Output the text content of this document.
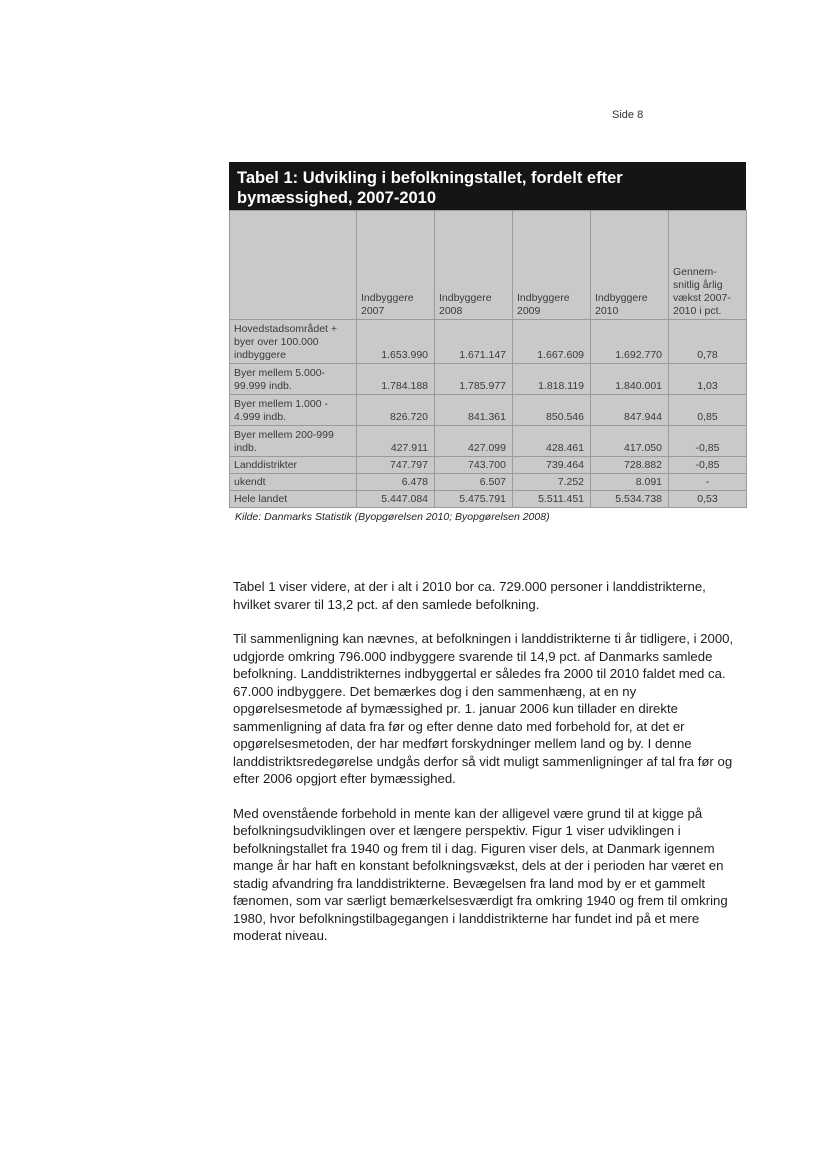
Side 8
Tabel 1: Udvikling i befolkningstallet, fordelt efter bymæssighed, 2007-2010
	Indbyggere 2007	Indbyggere 2008	Indbyggere 2009	Indbyggere 2010	Gennem-snitlig årlig vækst 2007-2010 i pct.
Hovedstadsområdet + byer over 100.000 indbyggere	1.653.990	1.671.147	1.667.609	1.692.770	0,78
Byer mellem 5.000-99.999 indb.	1.784.188	1.785.977	1.818.119	1.840.001	1,03
Byer mellem 1.000 - 4.999 indb.	826.720	841.361	850.546	847.944	0,85
Byer mellem 200-999 indb.	427.911	427.099	428.461	417.050	-0,85
Landdistrikter	747.797	743.700	739.464	728.882	-0,85
ukendt	6.478	6.507	7.252	8.091	-
Hele landet	5.447.084	5.475.791	5.511.451	5.534.738	0,53
Kilde: Danmarks Statistik (Byopgørelsen 2010; Byopgørelsen 2008)

Tabel 1 viser videre, at der i alt i 2010 bor ca. 729.000 personer i landdistrikterne, hvilket svarer til 13,2 pct. af den samlede befolkning.

Til sammenligning kan nævnes, at befolkningen i landdistrikterne ti år tidligere, i 2000, udgjorde omkring 796.000 indbyggere svarende til 14,9 pct. af Danmarks samlede befolkning. Landdistrikternes indbyggertal er således fra 2000 til 2010 faldet med ca. 67.000 indbyggere. Det bemærkes dog i den sammenhæng, at en ny opgørelsesmetode af bymæssighed pr. 1. januar 2006 kun tillader en direkte sammenligning af data fra før og efter denne dato med forbehold for, at det er opgørelsesmetoden, der har medført forskydninger mellem land og by. I denne landdistriktsredegørelse undgås derfor så vidt muligt sammenligninger af tal fra før og efter 2006 opgjort efter bymæssighed.

Med ovenstående forbehold in mente kan der alligevel være grund til at kigge på befolkningsudviklingen over et længere perspektiv. Figur 1 viser udviklingen i befolkningstallet fra 1940 og frem til i dag. Figuren viser dels, at Danmark igennem mange år har haft en konstant befolkningsvækst, dels at der i perioden har været en stadig afvandring fra landdistrikterne. Bevægelsen fra land mod by er et gammelt fænomen, som var særligt bemærkelsesværdigt fra omkring 1940 og frem til omkring 1980, hvor befolkningstilbagegangen i landdistrikterne har fundet ind på et mere moderat niveau.
